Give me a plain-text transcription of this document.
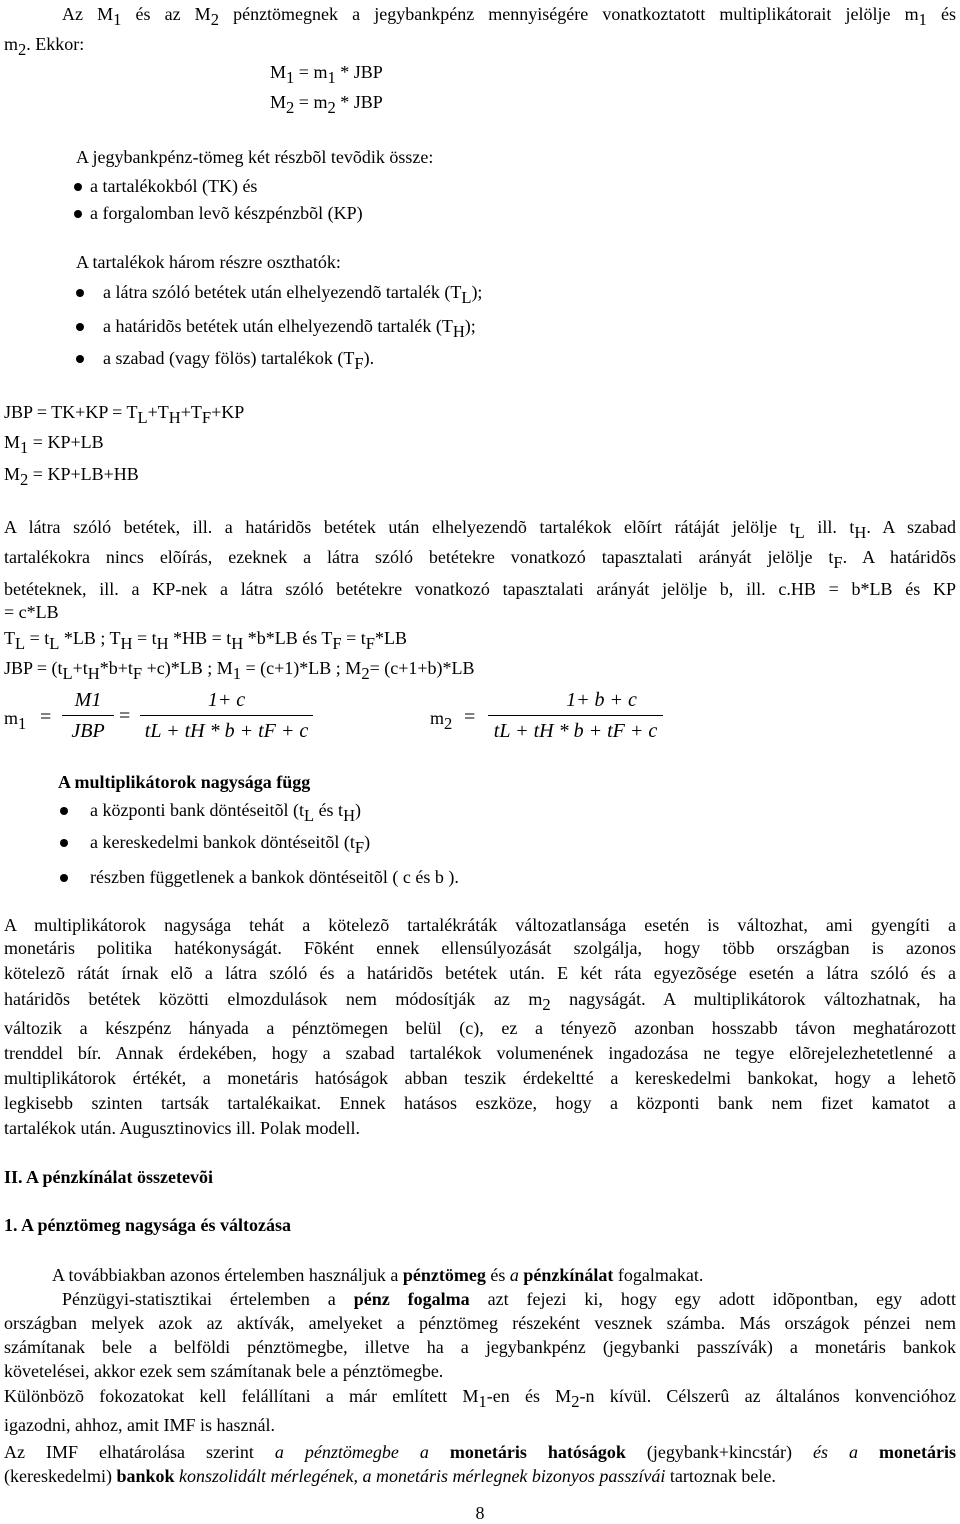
Az M1 és az M2 pénztömegnek a jegybankpénz mennyiségére vonatkoztatott multiplikátorait jelölje m1 és
m2. Ekkor:
M1 = m1 * JBP
M2 = m2 * JBP
A jegybankpénz-tömeg két részbõl tevõdik össze:
a tartalékokból (TK) és
a forgalomban levõ készpénzbõl (KP)
A tartalékok három részre oszthatók:
a látra szóló betétek után elhelyezendõ tartalék (TL);
a határidõs betétek után elhelyezendõ tartalék (TH);
a szabad (vagy fölös) tartalékok (TF).
JBP = TK+KP = TL+TH+TF+KP
M1 = KP+LB
M2 = KP+LB+HB
A látra szóló betétek, ill. a határidõs betétek után elhelyezendõ tartalékok elõírt rátáját jelölje tL ill. tH. A szabad
tartalékokra nincs elõírás, ezeknek a látra szóló betétekre vonatkozó tapasztalati arányát jelölje tF. A határidõs
betéteknek, ill. a KP-nek a látra szóló betétekre vonatkozó tapasztalati arányát jelölje b, ill. c.HB = b*LB és KP
= c*LB
TL = tL *LB ; TH = tH *HB = tH *b*LB és TF = tF*LB
JBP = (tL+tH*b+tF +c)*LB ; M1 = (c+1)*LB ; M2= (c+1+b)*LB
m1 =
M1
JBP
=
1+ c
tL + tH * b + tF + c
m2 =
1+ b + c
tL + tH * b + tF + c
A multiplikátorok nagysága függ
a központi bank döntéseitõl (tL és tH)
a kereskedelmi bankok döntéseitõl (tF)
részben függetlenek a bankok döntéseitõl ( c és b ).
A multiplikátorok nagysága tehát a kötelezõ tartalékráták változatlansága esetén is változhat, ami gyengíti a
monetáris politika hatékonyságát. Fõként ennek ellensúlyozását szolgálja, hogy több országban is azonos
kötelezõ rátát írnak elõ a látra szóló és a határidõs betétek után. E két ráta egyezõsége esetén a látra szóló és a
határidõs betétek közötti elmozdulások nem módosítják az m2 nagyságát. A multiplikátorok változhatnak, ha
változik a készpénz hányada a pénztömegen belül (c), ez a tényezõ azonban hosszabb távon meghatározott
trenddel bír. Annak érdekében, hogy a szabad tartalékok volumenének ingadozása ne tegye elõrejelezhetetlenné a
multiplikátorok értékét, a monetáris hatóságok abban teszik érdekeltté a kereskedelmi bankokat, hogy a lehetõ
legkisebb szinten tartsák tartalékaikat. Ennek hatásos eszköze, hogy a központi bank nem fizet kamatot a
tartalékok után. Augusztinovics ill. Polak modell.
II. A pénzkínálat összetevõi
1. A pénztömeg nagysága és változása
A továbbiakban azonos értelemben használjuk a pénztömeg és a pénzkínálat fogalmakat.
Pénzügyi-statisztikai értelemben a pénz fogalma azt fejezi ki, hogy egy adott idõpontban, egy adott
országban melyek azok az aktívák, amelyeket a pénztömeg részeként vesznek számba. Más országok pénzei nem
számítanak bele a belföldi pénztömegbe, illetve ha a jegybankpénz (jegybanki passzívák) a monetáris bankok
követelései, akkor ezek sem számítanak bele a pénztömegbe.
Különbözõ fokozatokat kell felállítani a már említett M1-en és M2-n kívül. Célszerû az általános konvencióhoz
igazodni, ahhoz, amit IMF is használ.
Az IMF elhatárolása szerint a pénztömegbe a monetáris hatóságok (jegybank+kincstár) és a monetáris
(kereskedelmi) bankok konszolidált mérlegének, a monetáris mérlegnek bizonyos passzívái tartoznak bele.
8
